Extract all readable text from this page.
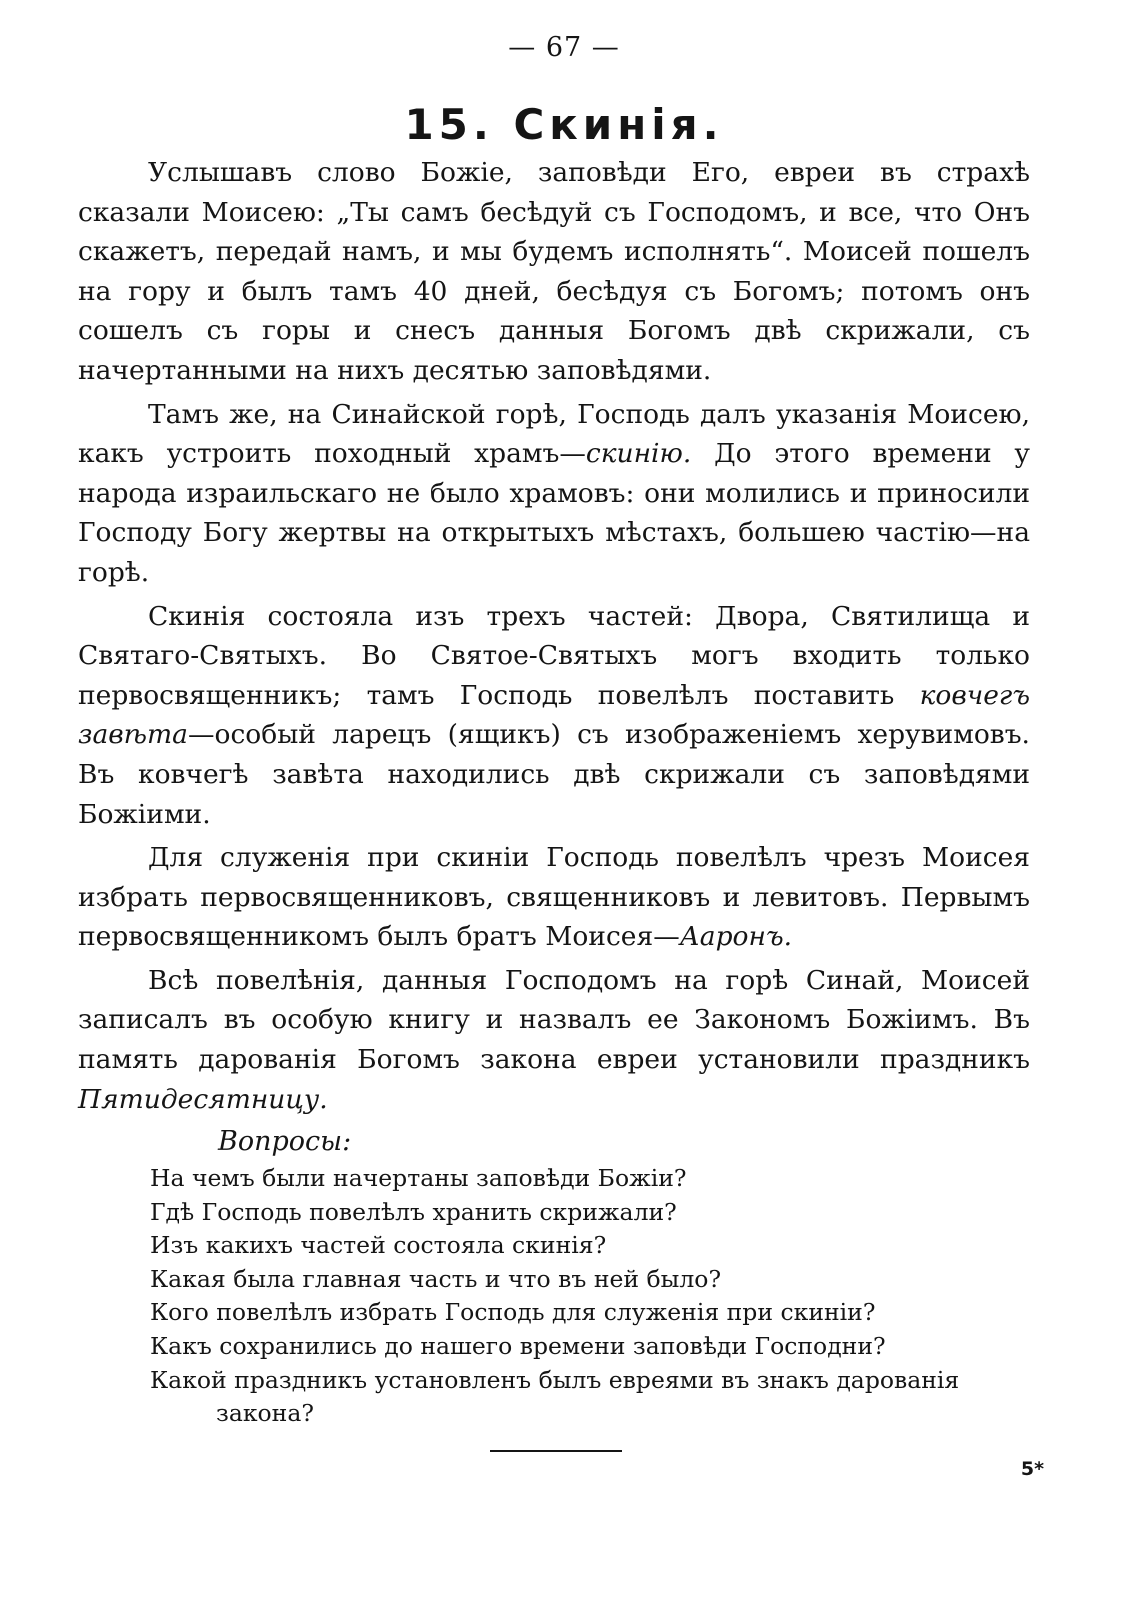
— 67 —
15. Скинія.

Услышавъ слово Божіе, заповѣди Его, евреи въ страхѣ сказали Моисею: „Ты самъ бесѣдуй съ Господомъ, и все, что Онъ скажетъ, передай намъ, и мы будемъ исполнять“. Моисей пошелъ на гору и былъ тамъ 40 дней, бесѣдуя съ Богомъ; потомъ онъ сошелъ съ горы и снесъ данныя Богомъ двѣ скрижали, съ начертанными на нихъ десятью заповѣдями.

Тамъ же, на Синайской горѣ, Господь далъ указанія Моисею, какъ устроить походный храмъ—скинію. До этого времени у народа израильскаго не было храмовъ: они молились и приносили Господу Богу жертвы на открытыхъ мѣстахъ, большею частію—на горѣ.

Скинія состояла изъ трехъ частей: Двора, Святилища и Святаго-Святыхъ. Во Святое-Святыхъ могъ входить только первосвященникъ; тамъ Господь повелѣлъ поставить ковчегъ завѣта—особый ларецъ (ящикъ) съ изображеніемъ херувимовъ. Въ ковчегѣ завѣта находились двѣ скрижали съ заповѣдями Божіими.

Для служенія при скиніи Господь повелѣлъ чрезъ Моисея избрать первосвященниковъ, священниковъ и левитовъ. Первымъ первосвященникомъ былъ братъ Моисея—Ааронъ.

Всѣ повелѣнія, данныя Господомъ на горѣ Синай, Моисей записалъ въ особую книгу и назвалъ ее Закономъ Божіимъ. Въ память дарованія Богомъ закона евреи установили праздникъ Пятидесятницу.

Вопросы:
На чемъ были начертаны заповѣди Божіи?
Гдѣ Господь повелѣлъ хранить скрижали?
Изъ какихъ частей состояла скинія?
Какая была главная часть и что въ ней было?
Кого повелѣлъ избрать Господь для служенія при скиніи?
Какъ сохранились до нашего времени заповѣди Господни?
Какой праздникъ установленъ былъ евреями въ знакъ дарованія закона?
5*
